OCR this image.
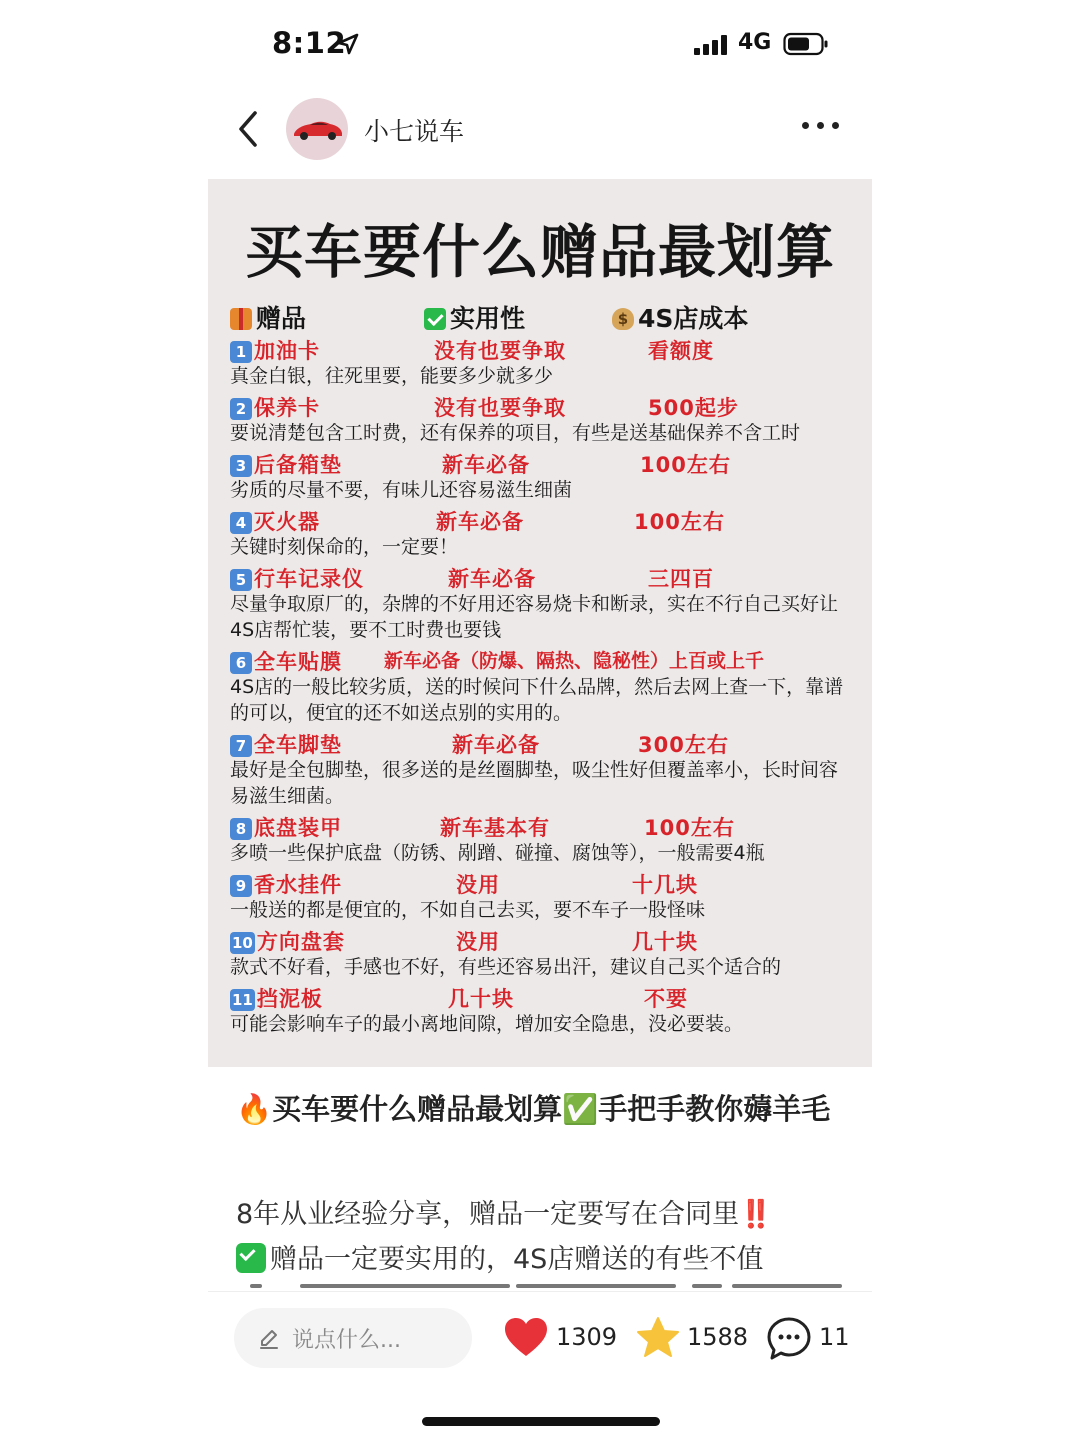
8:12	4G
小七说车
买车要什么赠品最划算
赠品	实用性
$	4S店成本
1 加油卡	没有也要争取	看额度
真金白银，往死里要，能要多少就多少
2 保养卡	没有也要争取	500起步
要说清楚包含工时费，还有保养的项目，有些是送基础保养不含工时
3 后备箱垫	新车必备	100左右
劣质的尽量不要，有味儿还容易滋生细菌
4 灭火器	新车必备	100左右
关键时刻保命的，一定要！
5 行车记录仪	新车必备	三四百
尽量争取原厂的，杂牌的不好用还容易烧卡和断录，实在不行自己买好让4S店帮忙装，要不工时费也要钱
6 全车贴膜 新车必备（防爆、隔热、隐秘性）上百或上千
4S店的一般比较劣质，送的时候问下什么品牌，然后去网上查一下，靠谱的可以，便宜的还不如送点别的实用的。
7 全车脚垫	新车必备	300左右
最好是全包脚垫，很多送的是丝圈脚垫，吸尘性好但覆盖率小，长时间容易滋生细菌。
8 底盘装甲	新车基本有	100左右
多喷一些保护底盘（防锈、剐蹭、碰撞、腐蚀等），一般需要4瓶
9 香水挂件	没用	十几块
一般送的都是便宜的，不如自己去买，要不车子一股怪味
10 方向盘套	没用	几十块
款式不好看，手感也不好，有些还容易出汗，建议自己买个适合的
11 挡泥板	几十块	不要
可能会影响车子的最小离地间隙，增加安全隐患，没必要装。
🔥买车要什么赠品最划算✅手把手教你薅羊毛
8年从业经验分享，赠品一定要写在合同里‼️
赠品一定要实用的，4S店赠送的有些不值
说点什么...	1309	1588	11
